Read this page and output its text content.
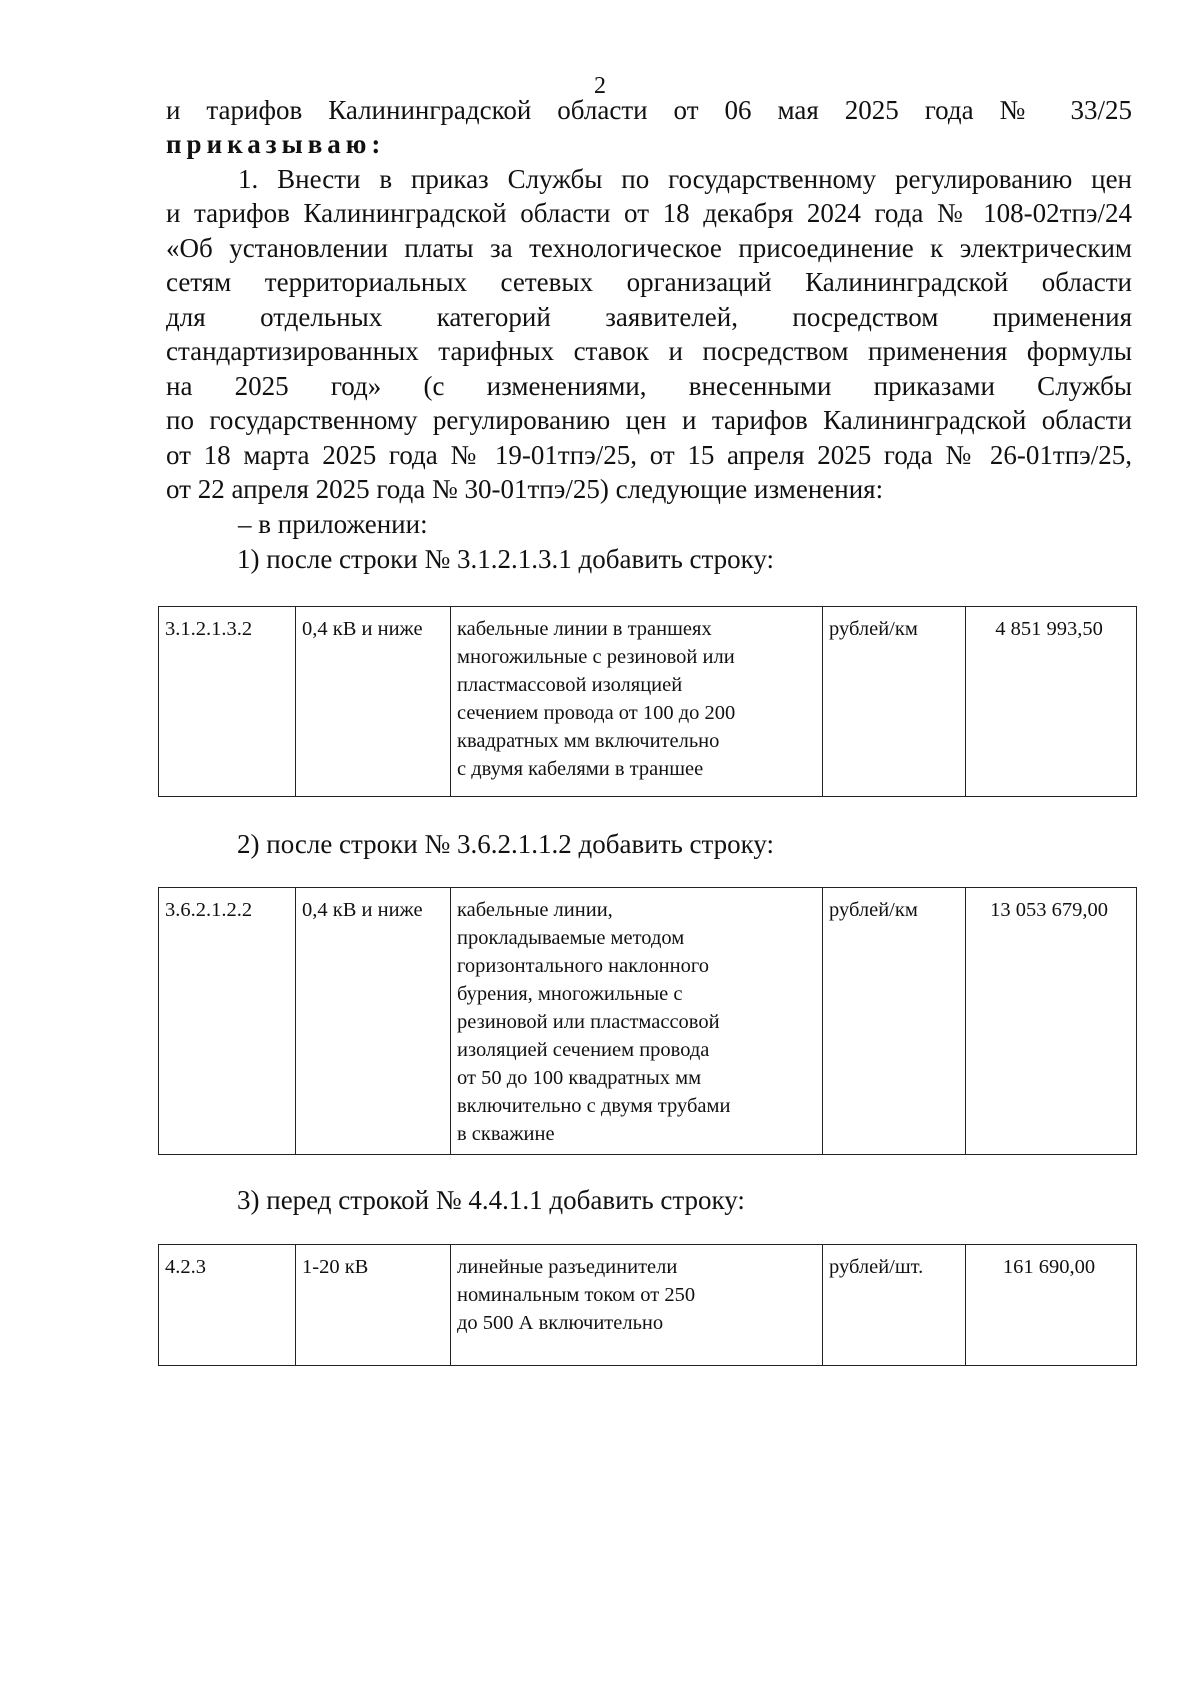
2
и тарифов Калининградской области от 06 мая 2025 года № 33/25
приказываю:
1. Внести в приказ Службы по государственному регулированию цен
и тарифов Калининградской области от 18 декабря 2024 года № 108-02тпэ/24
«Об установлении платы за технологическое присоединение к электрическим
сетям территориальных сетевых организаций Калининградской области
для отдельных категорий заявителей, посредством применения
стандартизированных тарифных ставок и посредством применения формулы
на 2025 год» (с изменениями, внесенными приказами Службы
по государственному регулированию цен и тарифов Калининградской области
от 18 марта 2025 года № 19-01тпэ/25, от 15 апреля 2025 года № 26-01тпэ/25,
от 22 апреля 2025 года № 30-01тпэ/25) следующие изменения:
– в приложении:
1) после строки № 3.1.2.1.3.1 добавить строку:
3.1.2.1.3.2	0,4 кВ и ниже	кабельные линии в траншеях
многожильные с резиновой или
пластмассовой изоляцией
сечением провода от 100 до 200
квадратных мм включительно
с двумя кабелями в траншее
	рублей/км	4 851 993,50
2) после строки № 3.6.2.1.1.2 добавить строку:
3.6.2.1.2.2	0,4 кВ и ниже	кабельные линии,
прокладываемые методом
горизонтального наклонного
бурения, многожильные с
резиновой или пластмассовой
изоляцией сечением провода
от 50 до 100 квадратных мм
включительно с двумя трубами
в скважине
	рублей/км	13 053 679,00
3) перед строкой № 4.4.1.1 добавить строку:
4.2.3	1-20 кВ	линейные разъединители
номинальным током от 250
до 500 А включительно
	рублей/шт.	161 690,00
